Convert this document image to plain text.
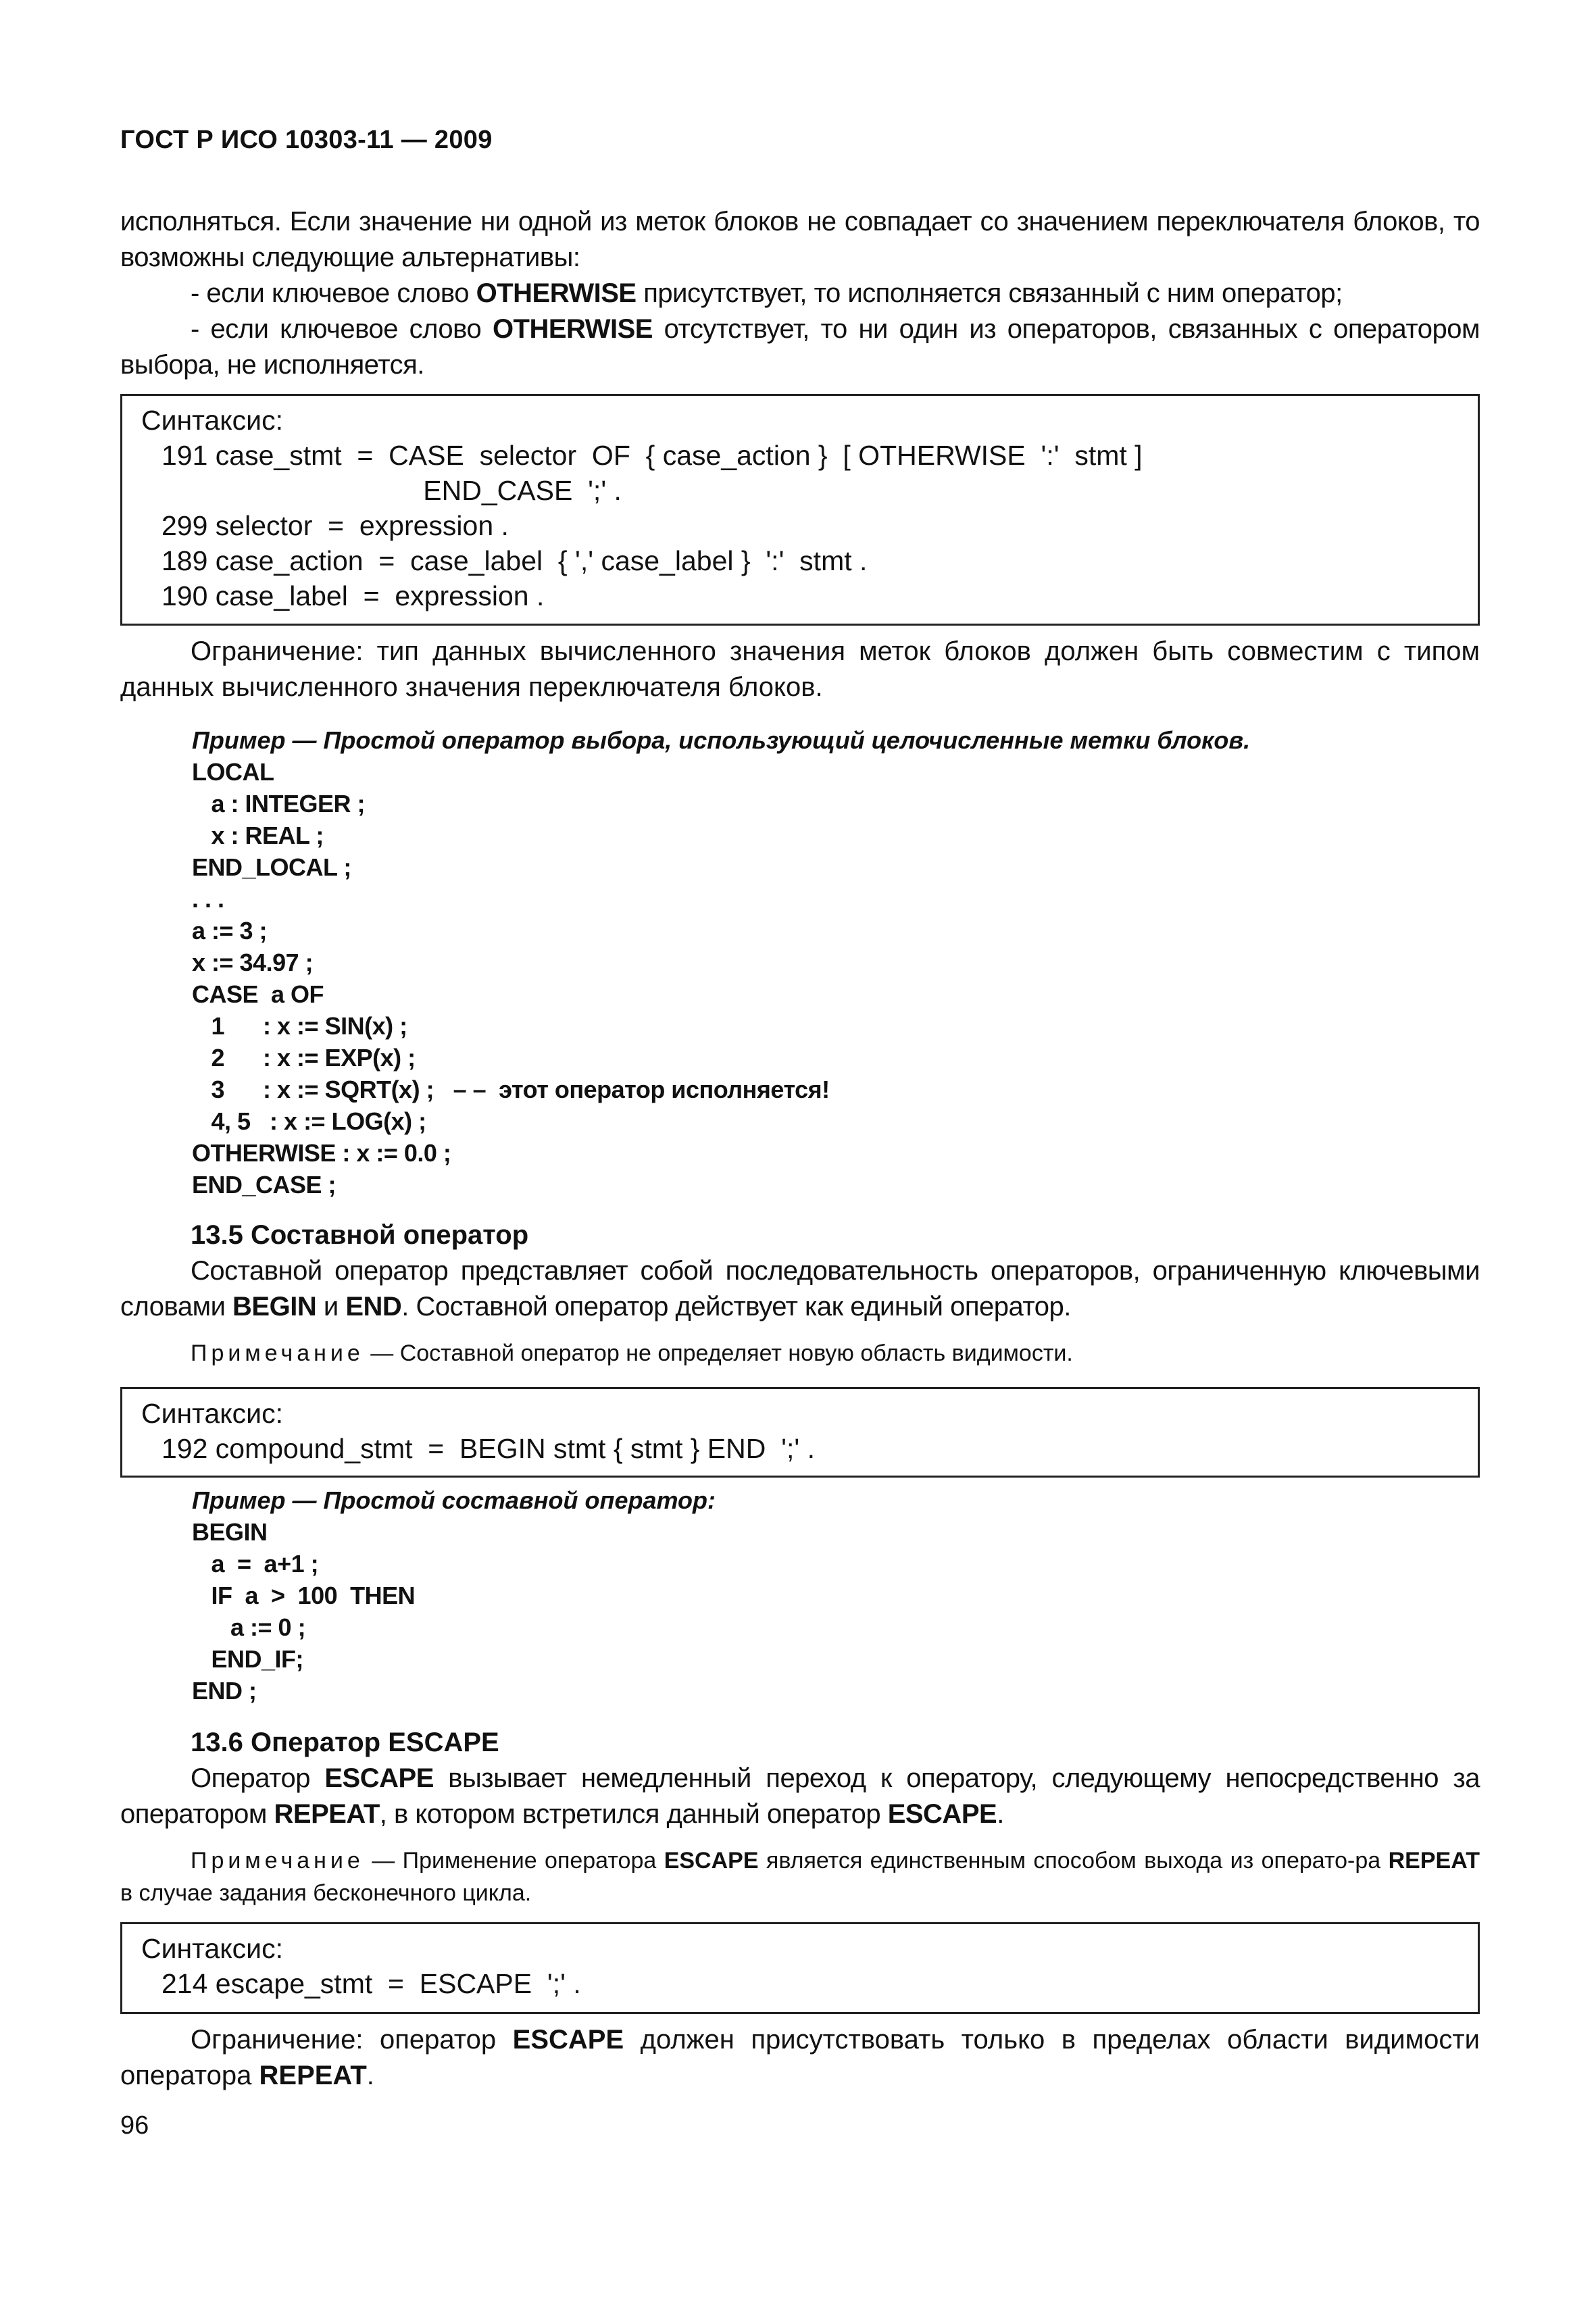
ГОСТ Р ИСО 10303-11 — 2009

исполняться. Если значение ни одной из меток блоков не совпадает со значением переключателя блоков, то возможны следующие альтернативы:

- если ключевое слово OTHERWISE присутствует, то исполняется связанный с ним оператор;

- если ключевое слово OTHERWISE отсутствует, то ни один из операторов, связанных с оператором выбора, не исполняется.

Синтаксис:
191 case_stmt  =  CASE  selector  OF  { case_action }  [ OTHERWISE  ':'  stmt ]
END_CASE  ';' .
299 selector  =  expression .
189 case_action  =  case_label  { ',' case_label }  ':'  stmt .
190 case_label  =  expression .

Ограничение: тип данных вычисленного значения меток блоков должен быть совместим с типом данных вычисленного значения переключателя блоков.

Пример — Простой оператор выбора, использующий целочисленные метки блоков.

LOCAL
a : INTEGER ;
x : REAL ;
END_LOCAL ;
. . .
a := 3 ;
x := 34.97 ;
CASE  a OF
1      : x := SIN(x) ;
2      : x := EXP(x) ;
3      : x := SQRT(x) ;   – –  этот оператор исполняется!
4, 5   : x := LOG(x) ;
OTHERWISE : x := 0.0 ;
END_CASE ;
13.5 Составной оператор

Составной оператор представляет собой последовательность операторов, ограниченную ключевыми словами BEGIN и END. Составной оператор действует как единый оператор.

Примечание — Составной оператор не определяет новую область видимости.

Синтаксис:
192 compound_stmt  =  BEGIN stmt { stmt } END  ';' .

Пример — Простой составной оператор:

BEGIN
a  =  a+1 ;
IF  a  >  100  THEN
a := 0 ;
END_IF;
END ;
13.6 Оператор ESCAPE

Оператор ESCAPE вызывает немедленный переход к оператору, следующему непосредственно за оператором REPEAT, в котором встретился данный оператор ESCAPE.

Примечание — Применение оператора ESCAPE является единственным способом выхода из операто-ра REPEAT в случае задания бесконечного цикла.

Синтаксис:
214 escape_stmt  =  ESCAPE  ';' .

Ограничение: оператор ESCAPE должен присутствовать только в пределах области видимости оператора REPEAT.

96
